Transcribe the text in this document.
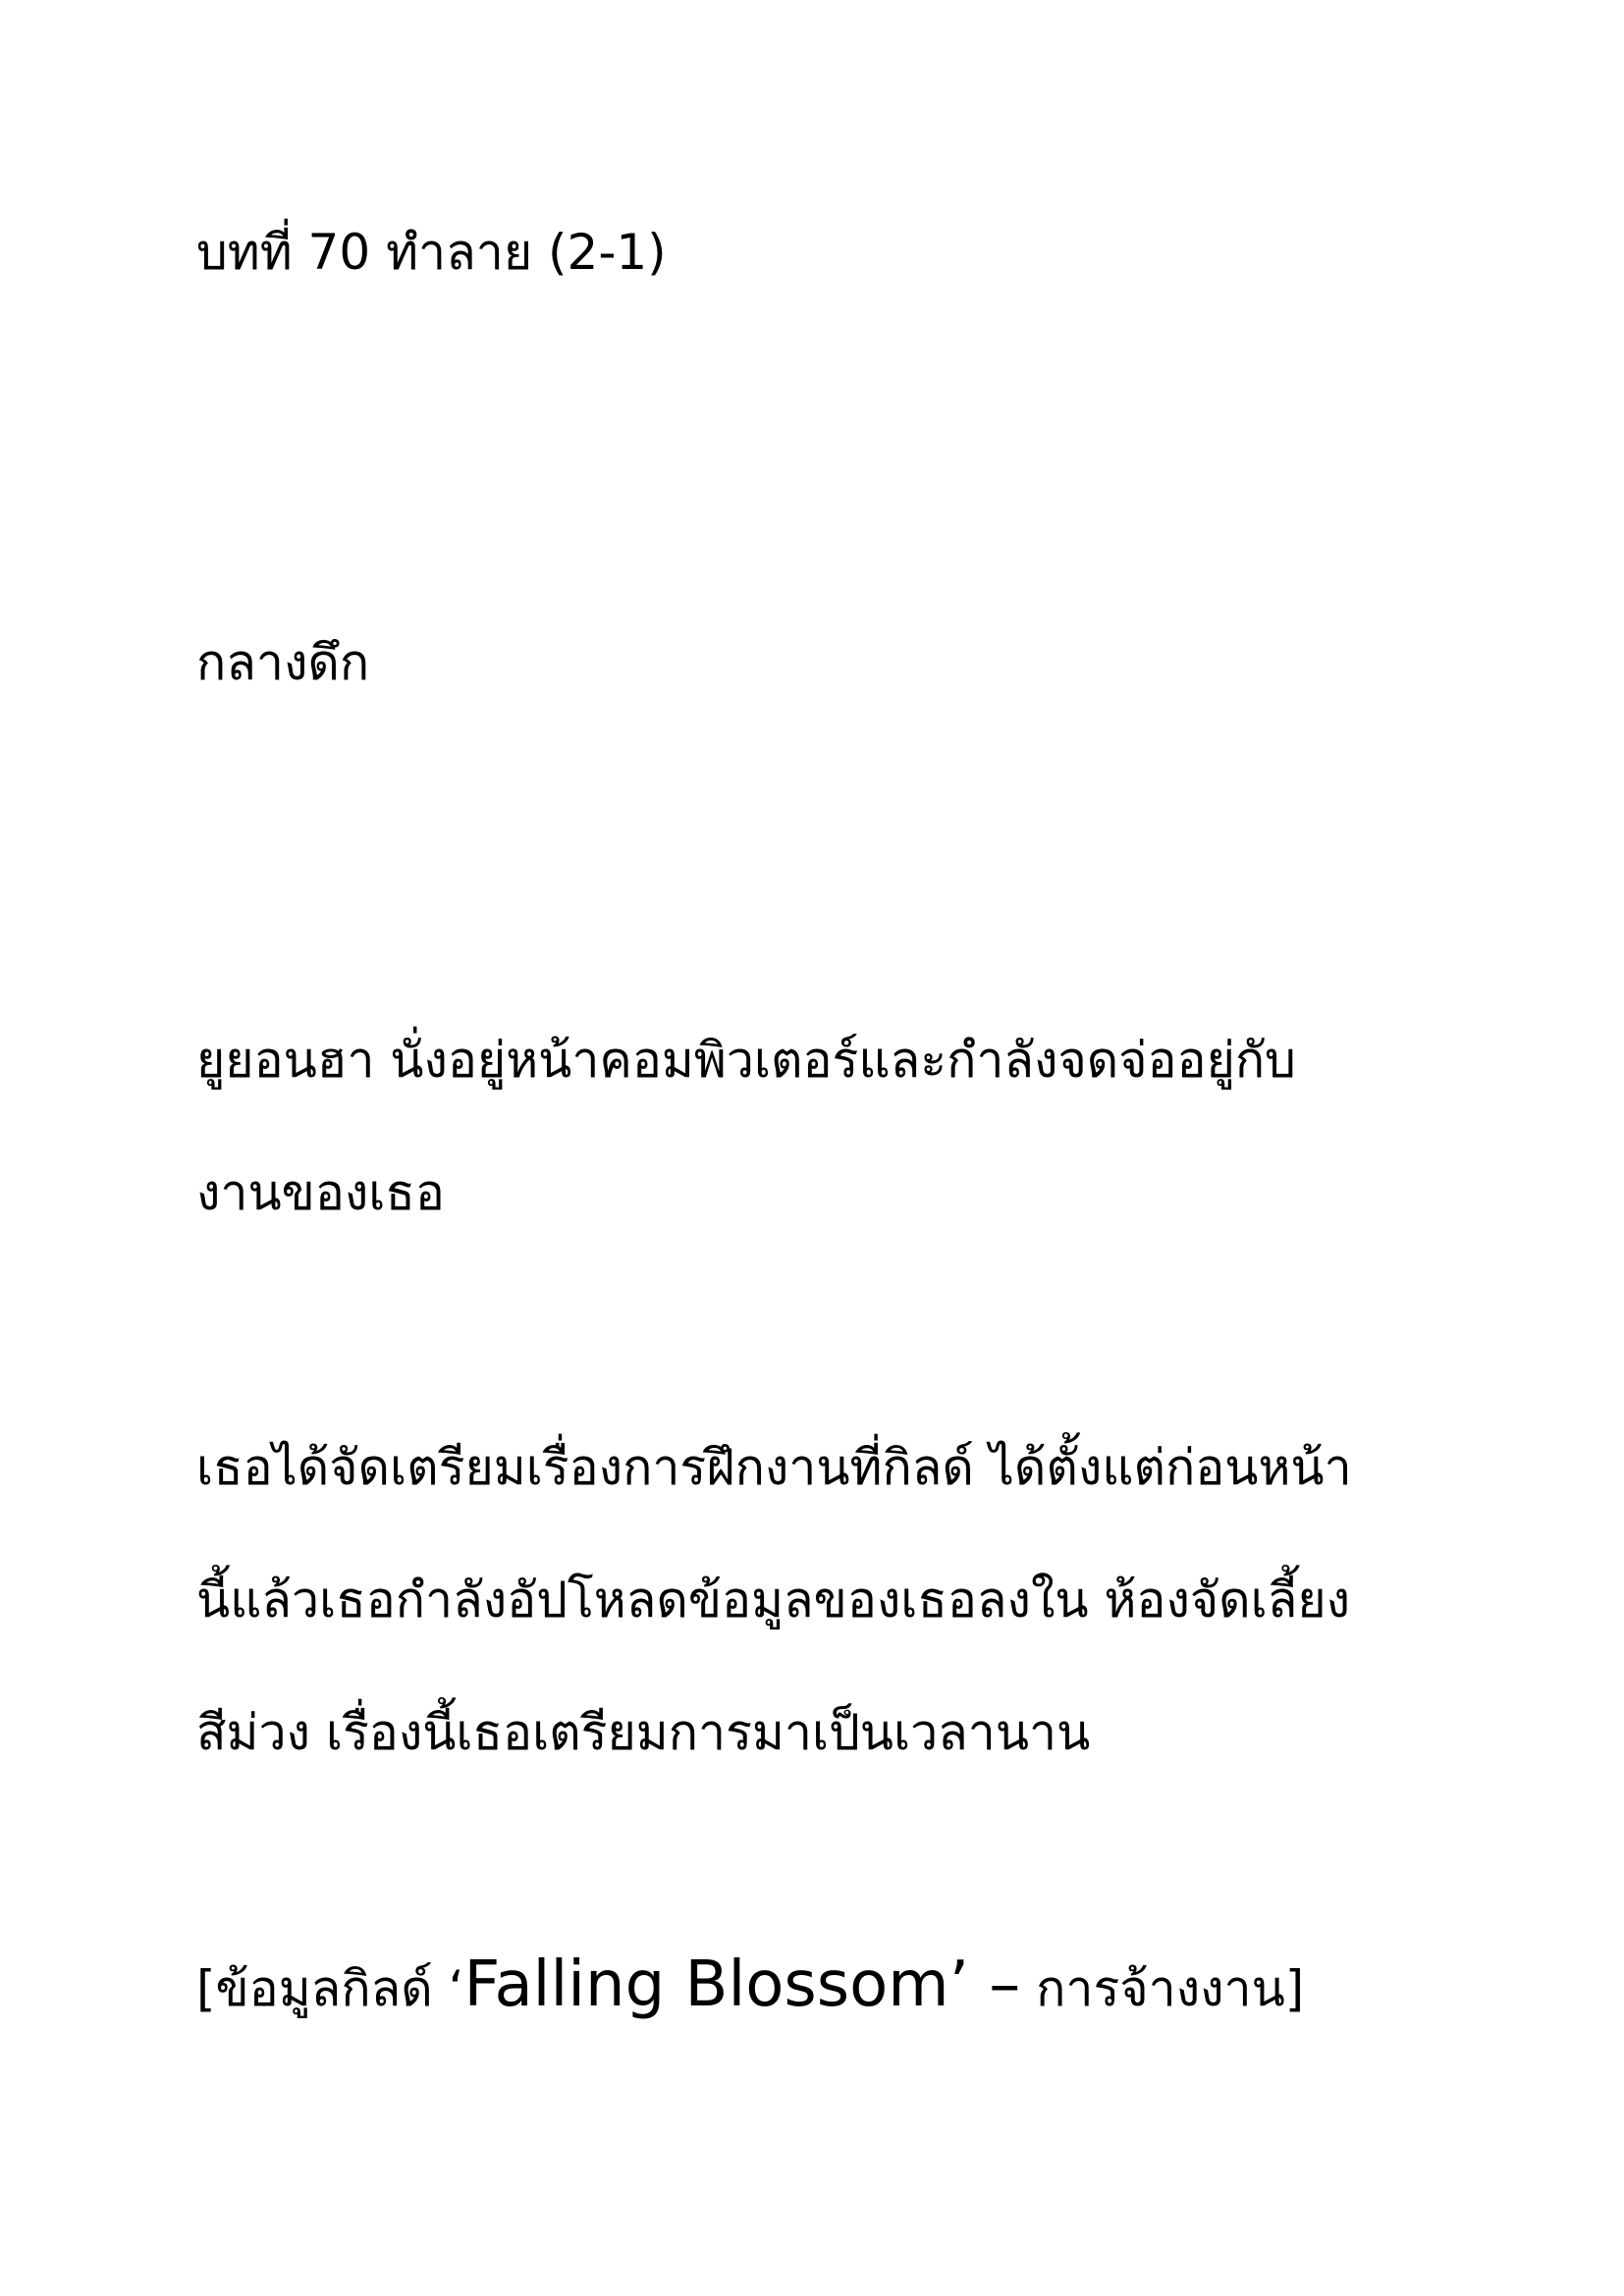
บทที่ 70 ทำลาย (2-1)
กลางดึก
ยูยอนฮา นั่งอยู่หน้าคอมพิวเตอร์และกำลังจดจ่ออยู่กับ
งานของเธอ
เธอได้จัดเตรียมเรื่องการฝึกงานที่กิลด์ ได้ตั้งแต่ก่อนหน้า
นี้แล้วเธอกำลังอัปโหลดข้อมูลของเธอลงใน ห้องจัดเลี้ยง
สีม่วง เรื่องนี้เธอเตรียมการมาเป็นเวลานาน
[ข้อมูลกิลด์ ‘Falling Blossom’ – การจ้างงาน]
